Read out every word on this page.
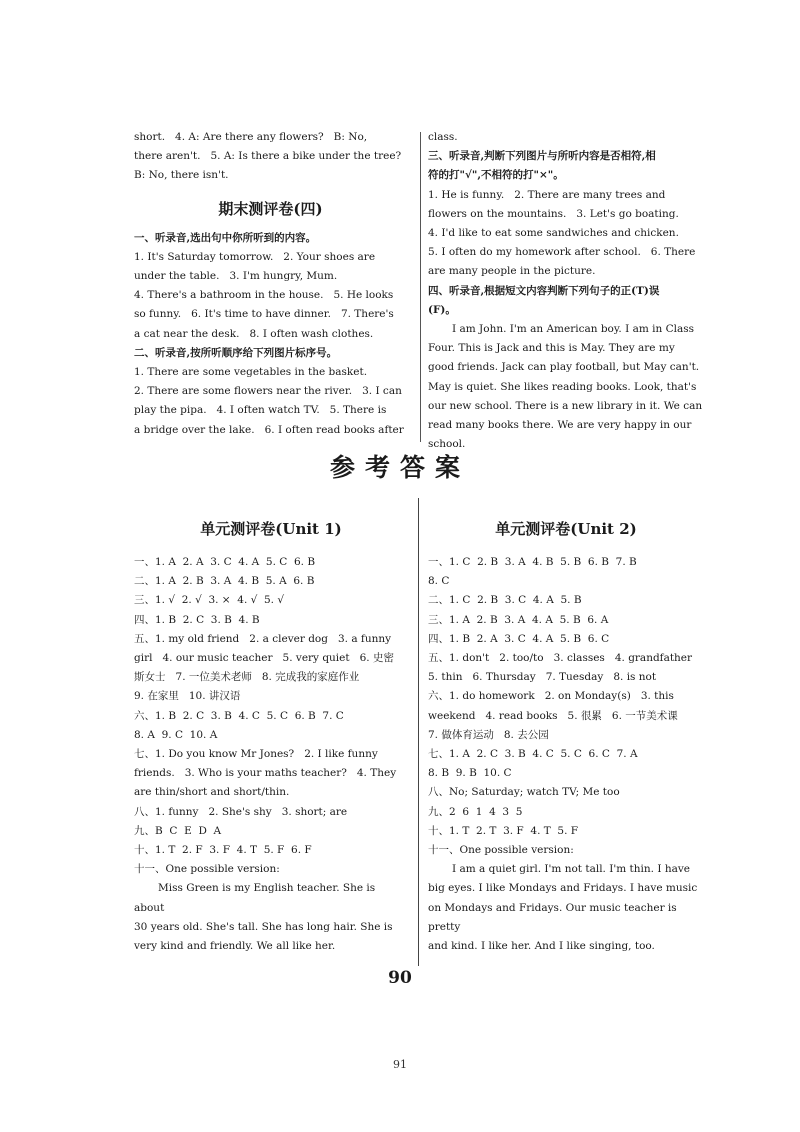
short.   4. A: Are there any flowers?   B: No,

there aren't.   5. A: Is there a bike under the tree?

B: No, there isn't.

期末测评卷(四)

一、听录音,选出句中你所听到的内容。

1. It's Saturday tomorrow.   2. Your shoes are

under the table.   3. I'm hungry, Mum.

4. There's a bathroom in the house.   5. He looks

so funny.   6. It's time to have dinner.   7. There's

a cat near the desk.   8. I often wash clothes.

二、听录音,按所听顺序给下列图片标序号。

1. There are some vegetables in the basket.

2. There are some flowers near the river.   3. I can

play the pipa.   4. I often watch TV.   5. There is

a bridge over the lake.   6. I often read books after

class.

三、听录音,判断下列图片与所听内容是否相符,相

符的打"√",不相符的打"×"。

1. He is funny.   2. There are many trees and

flowers on the mountains.   3. Let's go boating.

4. I'd like to eat some sandwiches and chicken.

5. I often do my homework after school.   6. There

are many people in the picture.

四、听录音,根据短文内容判断下列句子的正(T)误

(F)。

I am John. I'm an American boy. I am in Class

Four. This is Jack and this is May. They are my

good friends. Jack can play football, but May can't.

May is quiet. She likes reading books. Look, that's

our new school. There is a new library in it. We can

read many books there. We are very happy in our

school.

参考答案

单元测评卷(Unit 1)

一、1. A  2. A  3. C  4. A  5. C  6. B

二、1. A  2. B  3. A  4. B  5. A  6. B

三、1. √  2. √  3. ×  4. √  5. √

四、1. B  2. C  3. B  4. B

五、1. my old friend   2. a clever dog   3. a funny

girl   4. our music teacher   5. very quiet   6. 史密

斯女士   7. 一位美术老师   8. 完成我的家庭作业

9. 在家里   10. 讲汉语

六、1. B  2. C  3. B  4. C  5. C  6. B  7. C

8. A  9. C  10. A

七、1. Do you know Mr Jones?   2. I like funny

friends.   3. Who is your maths teacher?   4. They

are thin/short and short/thin.

八、1. funny   2. She's shy   3. short; are

九、B  C  E  D  A

十、1. T  2. F  3. F  4. T  5. F  6. F

十一、One possible version:

Miss Green is my English teacher. She is about

30 years old. She's tall. She has long hair. She is

very kind and friendly. We all like her.

单元测评卷(Unit 2)

一、1. C  2. B  3. A  4. B  5. B  6. B  7. B

8. C

二、1. C  2. B  3. C  4. A  5. B

三、1. A  2. B  3. A  4. A  5. B  6. A

四、1. B  2. A  3. C  4. A  5. B  6. C

五、1. don't   2. too/to   3. classes   4. grandfather

5. thin   6. Thursday   7. Tuesday   8. is not

六、1. do homework   2. on Monday(s)   3. this

weekend   4. read books   5. 很累   6. 一节美术课

7. 做体育运动   8. 去公园

七、1. A  2. C  3. B  4. C  5. C  6. C  7. A

8. B  9. B  10. C

八、No; Saturday; watch TV; Me too

九、2  6  1  4  3  5

十、1. T  2. T  3. F  4. T  5. F

十一、One possible version:

I am a quiet girl. I'm not tall. I'm thin. I have

big eyes. I like Mondays and Fridays. I have music

on Mondays and Fridays. Our music teacher is pretty

and kind. I like her. And I like singing, too.

90
91
